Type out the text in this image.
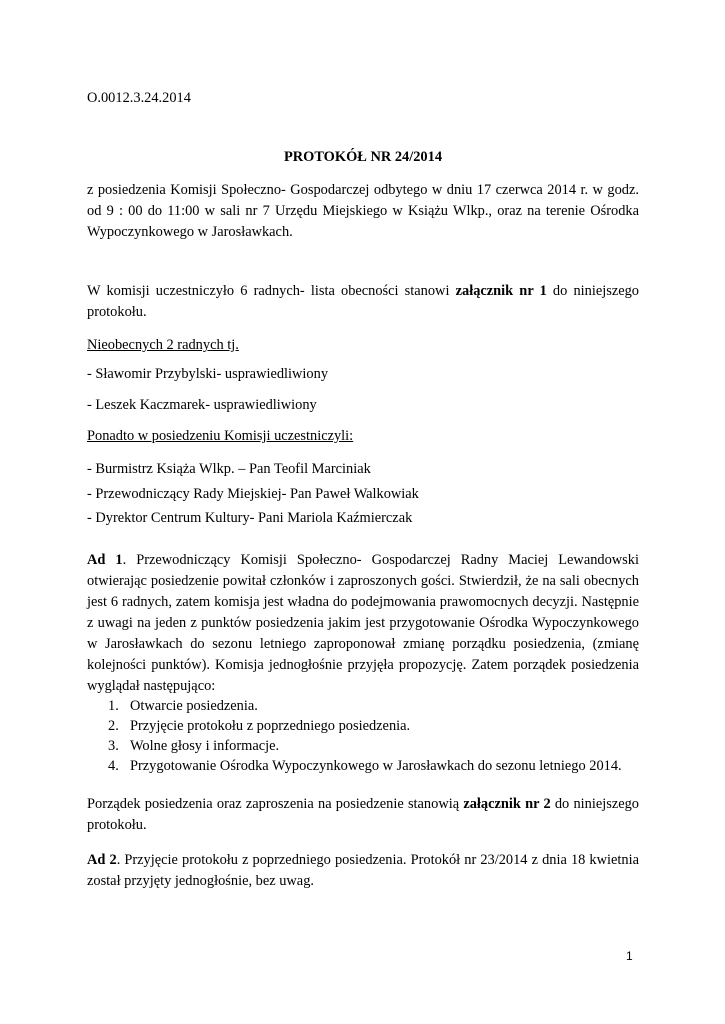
O.0012.3.24.2014

PROTOKÓŁ NR 24/2014

z posiedzenia Komisji Społeczno- Gospodarczej odbytego w dniu 17 czerwca 2014 r. w godz. od 9 : 00 do 11:00 w sali nr 7 Urzędu Miejskiego w Książu Wlkp., oraz na terenie Ośrodka Wypoczynkowego w Jarosławkach.

W komisji uczestniczyło 6 radnych- lista obecności stanowi załącznik nr 1 do niniejszego protokołu.

Nieobecnych 2 radnych tj.

- Sławomir Przybylski- usprawiedliwiony

- Leszek Kaczmarek- usprawiedliwiony

Ponadto w posiedzeniu Komisji uczestniczyli:

- Burmistrz Książa Wlkp. – Pan Teofil Marciniak

- Przewodniczący Rady Miejskiej- Pan Paweł Walkowiak

- Dyrektor Centrum Kultury- Pani Mariola Kaźmierczak

Ad 1. Przewodniczący Komisji Społeczno- Gospodarczej Radny Maciej Lewandowski otwierając posiedzenie powitał członków i zaproszonych gości. Stwierdził, że na sali obecnych jest 6 radnych, zatem komisja jest władna do podejmowania prawomocnych decyzji. Następnie z uwagi na jeden z punktów posiedzenia jakim jest przygotowanie Ośrodka Wypoczynkowego w Jarosławkach do sezonu letniego zaproponował zmianę porządku posiedzenia, (zmianę kolejności punktów). Komisja jednogłośnie przyjęła propozycję. Zatem porządek posiedzenia wyglądał następująco:

1. Otwarcie posiedzenia.
2. Przyjęcie protokołu z poprzedniego posiedzenia.
3. Wolne głosy i informacje.
4. Przygotowanie Ośrodka Wypoczynkowego w Jarosławkach do sezonu letniego 2014.

Porządek posiedzenia oraz zaproszenia na posiedzenie stanowią załącznik nr 2 do niniejszego protokołu.

Ad 2. Przyjęcie protokołu z poprzedniego posiedzenia. Protokół nr 23/2014 z dnia 18 kwietnia został przyjęty jednogłośnie, bez uwag.

1
